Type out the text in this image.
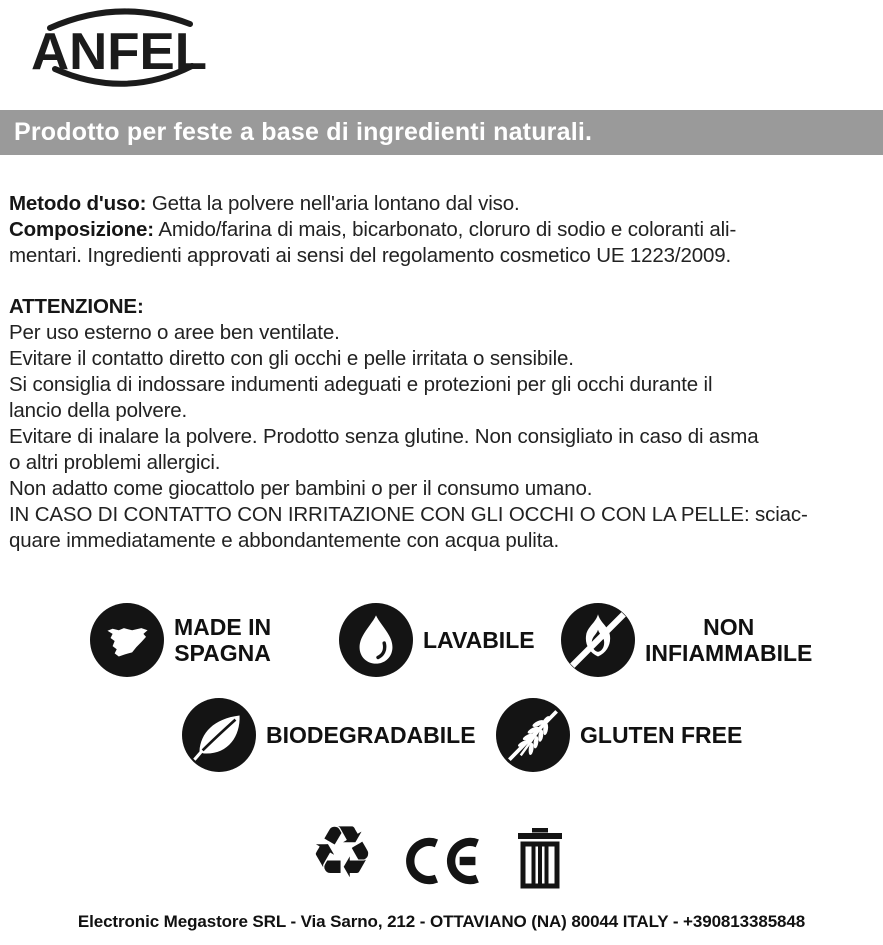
ANFEL
Prodotto per feste a base di ingredienti naturali.
Metodo d'uso: Getta la polvere nell'aria lontano dal viso.
Composizione: Amido/farina di mais, bicarbonato, cloruro di sodio e coloranti ali-
mentari. Ingredienti approvati ai sensi del regolamento cosmetico UE 1223/2009.
ATTENZIONE:
Per uso esterno o aree ben ventilate.
Evitare il contatto diretto con gli occhi e pelle irritata o sensibile.
Si consiglia di indossare indumenti adeguati e protezioni per gli occhi durante il
lancio della polvere.
Evitare di inalare la polvere. Prodotto senza glutine. Non consigliato in caso di asma
o altri problemi allergici.
Non adatto come giocattolo per bambini o per il consumo umano.
IN CASO DI CONTATTO CON IRRITAZIONE CON GLI OCCHI O CON LA PELLE: sciac-
quare immediatamente e abbondantemente con acqua pulita.
MADE IN
SPAGNA	LAVABILE	NON
INFIAMMABILE
BIODEGRADABILE	GLUTEN FREE
♻
Electronic Megastore SRL - Via Sarno, 212 - OTTAVIANO (NA) 80044 ITALY - +390813385848
